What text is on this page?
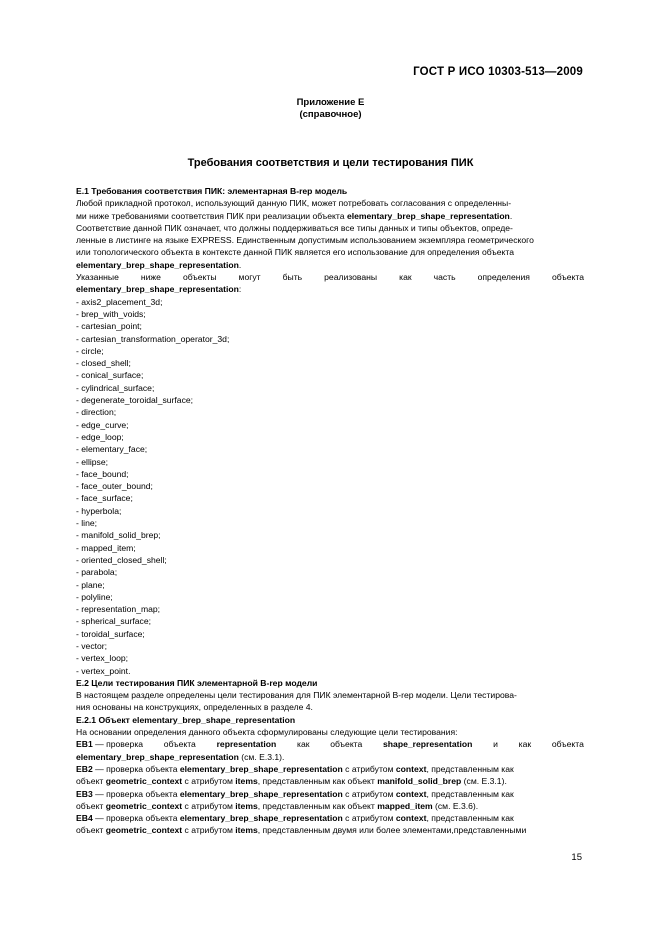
ГОСТ Р ИСО 10303-513—2009
Приложение Е
(справочное)
Требования соответствия и цели тестирования ПИК
Е.1 Требования соответствия ПИК: элементарная B-rep модель
Любой прикладной протокол, использующий данную ПИК, может потребовать согласования с определенны-
ми ниже требованиями соответствия ПИК при реализации объекта elementary_brep_shape_representation.
Соответствие данной ПИК означает, что должны поддерживаться все типы данных и типы объектов, опреде-
ленные в листинге на языке EXPRESS. Единственным допустимым использованием экземпляра геометрического
или топологического объекта в контексте данной ПИК является его использование для определения объекта
elementary_brep_shape_representation.
Указанные	ниже	объекты	могут	быть	реализованы	как	часть	определения	объекта
elementary_brep_shape_representation:
- axis2_placement_3d;
- brep_with_voids;
- cartesian_point;
- cartesian_transformation_operator_3d;
- circle;
- closed_shell;
- conical_surface;
- cylindrical_surface;
- degenerate_toroidal_surface;
- direction;
- edge_curve;
- edge_loop;
- elementary_face;
- ellipse;
- face_bound;
- face_outer_bound;
- face_surface;
- hyperbola;
- line;
- manifold_solid_brep;
- mapped_item;
- oriented_closed_shell;
- parabola;
- plane;
- polyline;
- representation_map;
- spherical_surface;
- toroidal_surface;
- vector;
- vertex_loop;
- vertex_point.
Е.2 Цели тестирования ПИК элементарной B-rep модели
В настоящем разделе определены цели тестирования для ПИК элементарной B-rep модели. Цели тестирова-
ния основаны на конструкциях, определенных в разделе 4.
Е.2.1 Объект elementary_brep_shape_representation
На основании определения данного объекта сформулированы следующие цели тестирования:
EB1 — проверка объекта representation как объекта shape_representation и как объекта
elementary_brep_shape_representation (см. Е.3.1).
EB2 — проверка объекта elementary_brep_shape_representation с атрибутом context, представленным как
объект geometric_context с атрибутом items, представленным как объект manifold_solid_brep (см. Е.3.1).
EB3 — проверка объекта elementary_brep_shape_representation с атрибутом context, представленным как
объект geometric_context с атрибутом items, представленным как объект mapped_item (см. Е.3.6).
EB4 — проверка объекта elementary_brep_shape_representation с атрибутом context, представленным как
объект geometric_context с атрибутом items, представленным двумя или более элементами,представленными
15
